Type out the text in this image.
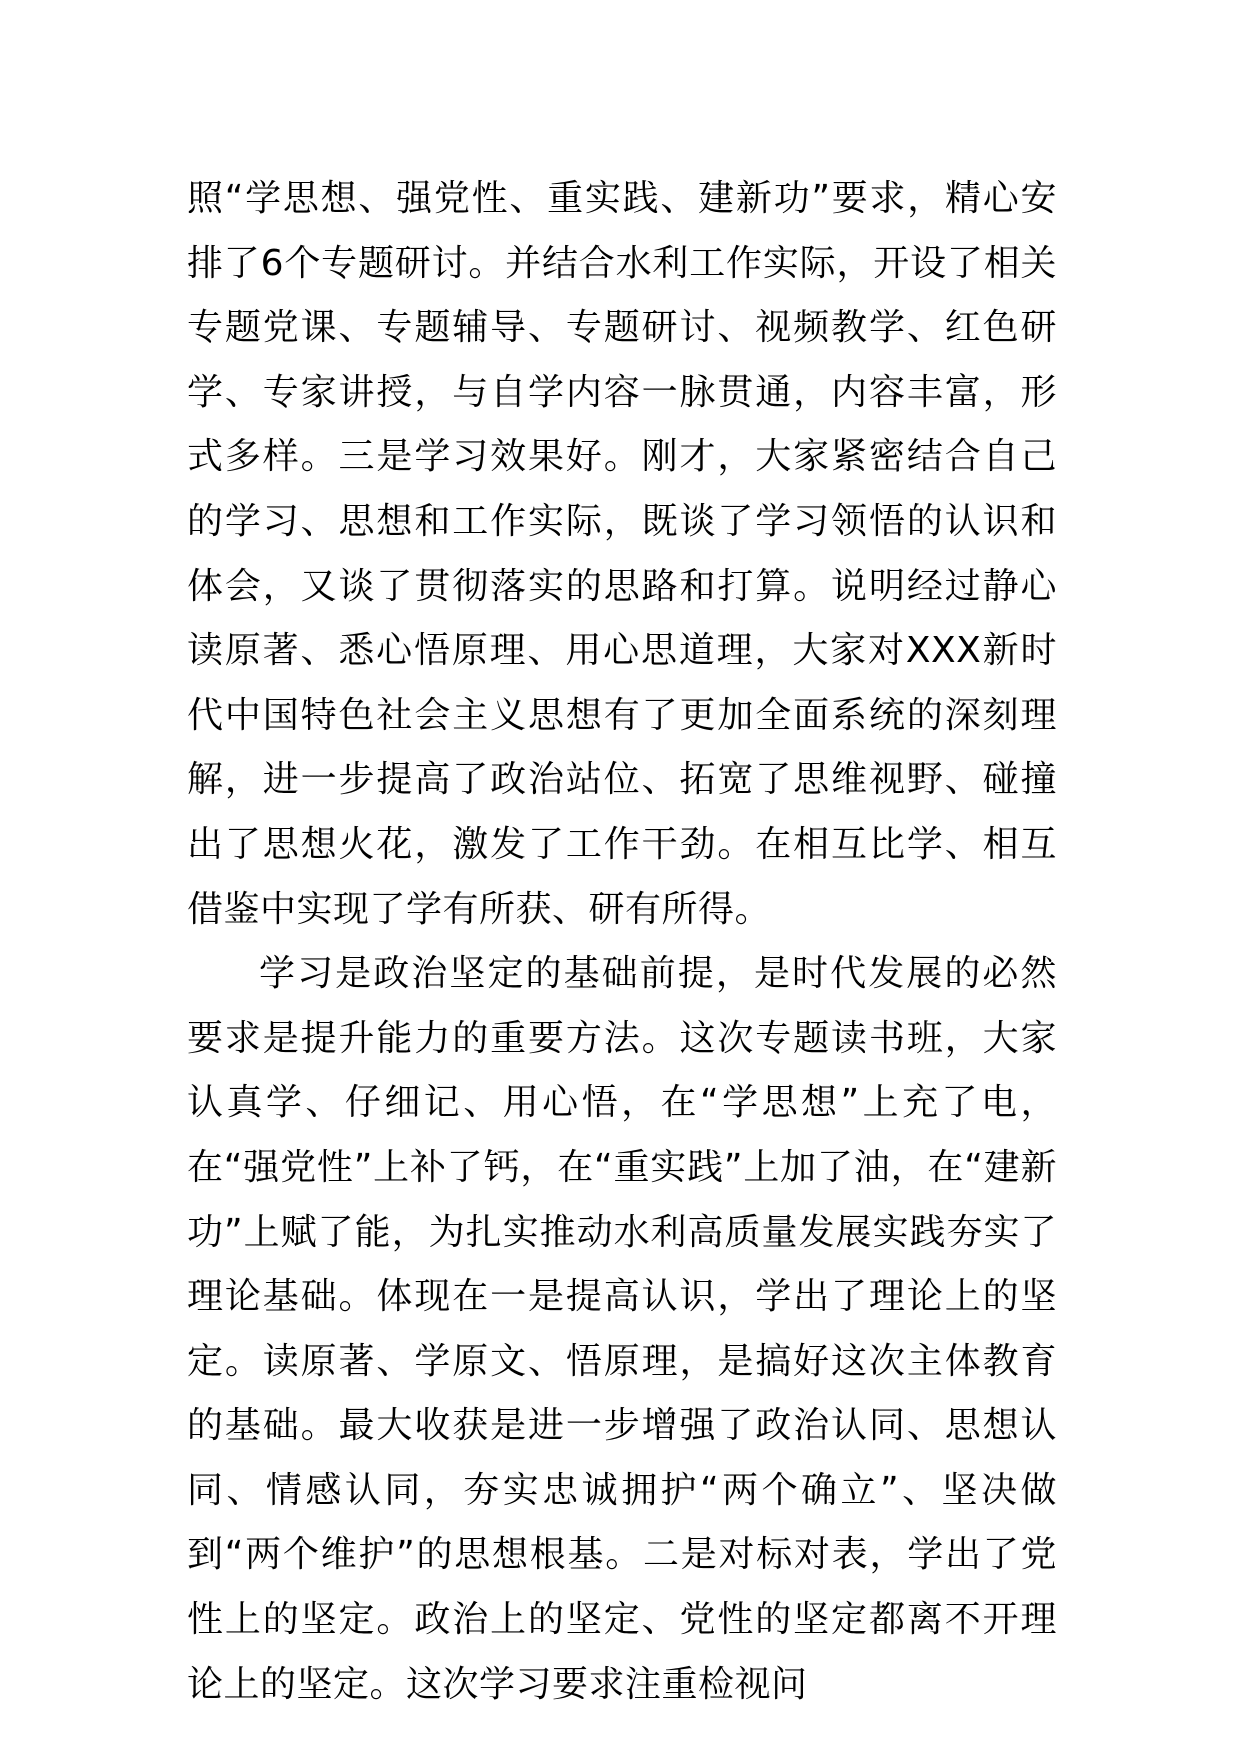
照“学思想、强党性、重实践、建新功”要求，精心安排了6个专题研讨。并结合水利工作实际，开设了相关专题党课、专题辅导、专题研讨、视频教学、红色研学、专家讲授，与自学内容一脉贯通，内容丰富，形式多样。三是学习效果好。刚才，大家紧密结合自己的学习、思想和工作实际，既谈了学习领悟的认识和体会，又谈了贯彻落实的思路和打算。说明经过静心读原著、悉心悟原理、用心思道理，大家对XXX新时代中国特色社会主义思想有了更加全面系统的深刻理解，进一步提高了政治站位、拓宽了思维视野、碰撞出了思想火花，激发了工作干劲。在相互比学、相互借鉴中实现了学有所获、研有所得。

学习是政治坚定的基础前提，是时代发展的必然要求是提升能力的重要方法。这次专题读书班，大家认真学、仔细记、用心悟，在“学思想”上充了电，在“强党性”上补了钙，在“重实践”上加了油，在“建新功”上赋了能，为扎实推动水利高质量发展实践夯实了理论基础。体现在一是提高认识，学出了理论上的坚定。读原著、学原文、悟原理，是搞好这次主体教育的基础。最大收获是进一步增强了政治认同、思想认同、情感认同，夯实忠诚拥护“两个确立”、坚决做到“两个维护”的思想根基。二是对标对表，学出了党性上的坚定。政治上的坚定、党性的坚定都离不开理论上的坚定。这次学习要求注重检视问
